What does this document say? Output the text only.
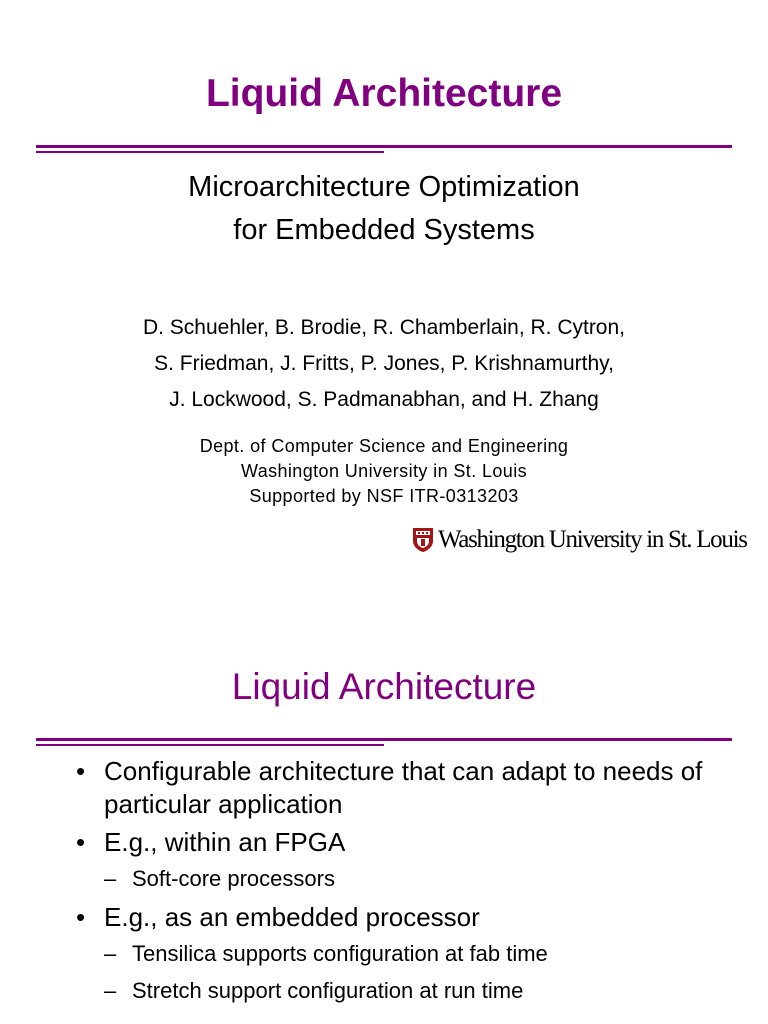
Liquid Architecture
Microarchitecture Optimization
for Embedded Systems
D. Schuehler, B. Brodie, R. Chamberlain, R. Cytron,
S. Friedman, J. Fritts, P. Jones, P. Krishnamurthy,
J. Lockwood, S. Padmanabhan, and H. Zhang
Dept. of Computer Science and Engineering
Washington University in St. Louis
Supported by NSF ITR-0313203
Washington University in St. Louis
Liquid Architecture
• Configurable architecture that can adapt to needs of particular application
• E.g., within an FPGA
– Soft-core processors
• E.g., as an embedded processor
– Tensilica supports configuration at fab time
– Stretch support configuration at run time
